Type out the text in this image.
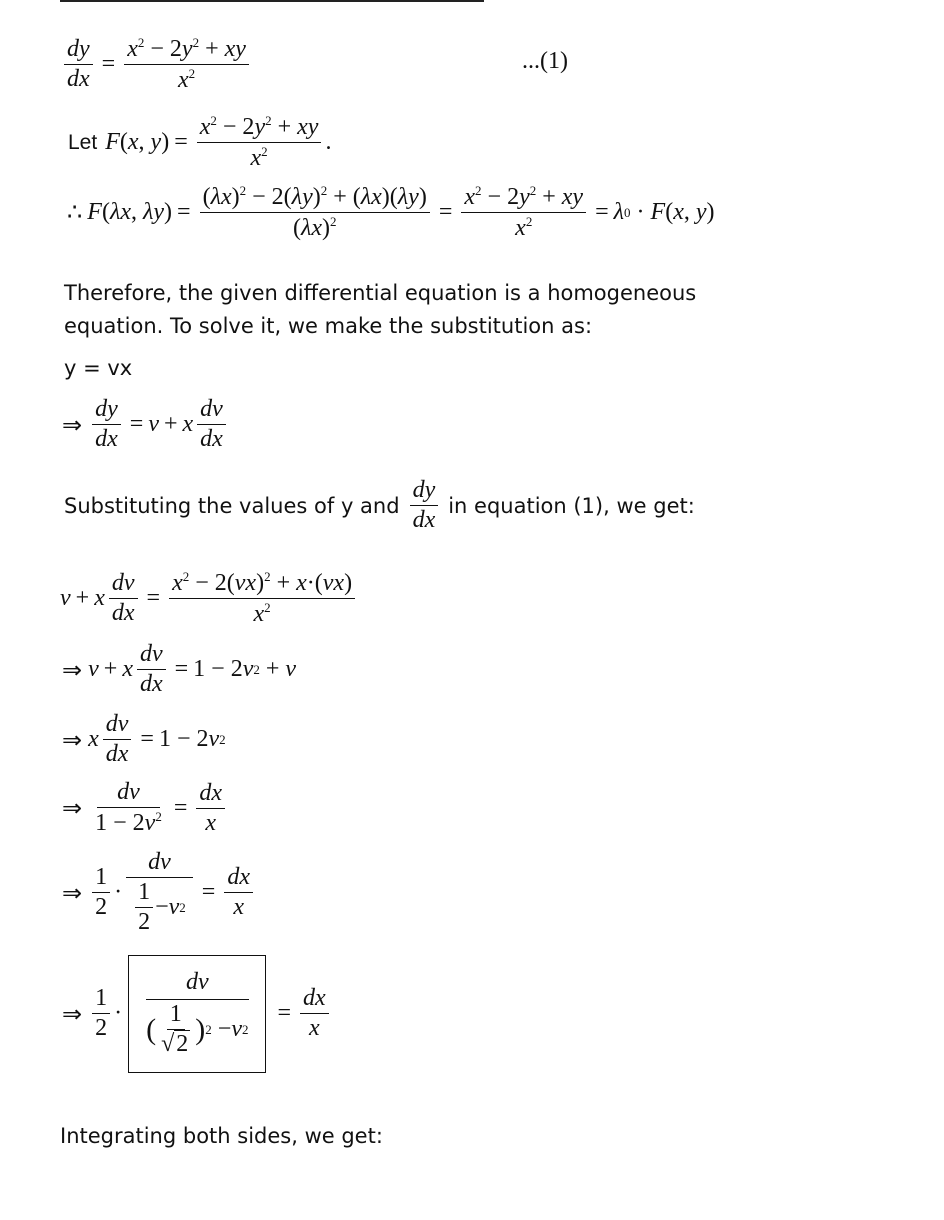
$\frac{dy}{dx} = \frac{x^2 - 2y^2 + xy}{x^2}$	...(1)
Let F ( x , y ) = $\frac{x^2 - 2y^2 + xy}{x^2}$ .
∴ F ( λx , λy ) = $\frac{(\lambda x)^2 - 2(\lambda y)^2 + (\lambda x)(\lambda y)}{(\lambda x)^2} = \frac{x^2 - 2y^2 + xy}{x^2} = \lambda$ 0 · F ( x , y )
Therefore, the given differential equation is a homogeneous equation. To solve it, we make the substitution as:
y = vx
⇒ $\frac{dy}{dx} = v + x \frac{dv}{dx}$
Substituting the values of y and $\frac{dy}{dx}$ in equation (1), we get:
v + x $\frac{dv}{dx} = \frac{x^2 - 2(vx)^2 + x\cdot(vx)}{x^2}$
⇒ v + x $\frac{dv}{dx} = 1 - 2$ v 2 + v
⇒ x $\frac{dv}{dx} = 1 - 2$ v 2
⇒ $\frac{dv}{1 - 2v^2} = \frac{dx}{x}$
⇒ $\frac{1}{2} \cdot \frac{dv}{\frac{1}{2} - v 2} = \frac{dx}{x}$
⇒ $\frac{1}{2} \cdot \frac{dv}{( \frac{1}{√2} ) 2 - v 2} = \frac{dx}{x}$
Integrating both sides, we get:
